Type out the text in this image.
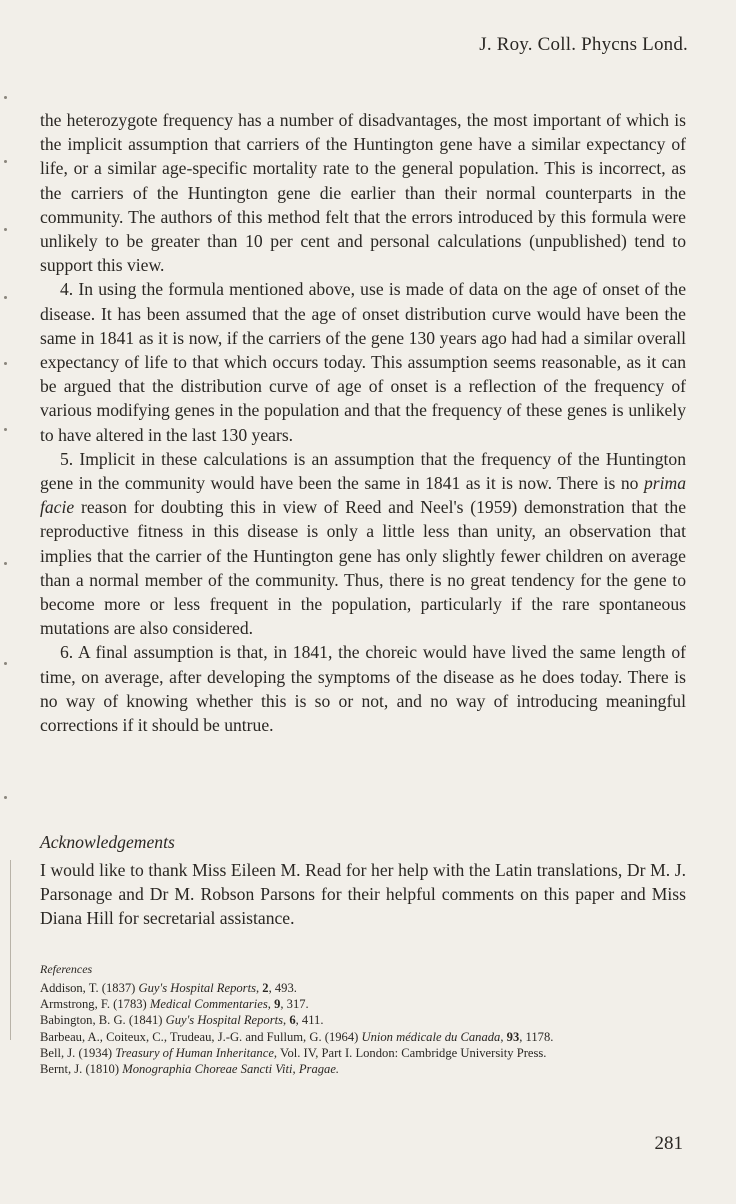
J. Roy. Coll. Phycns Lond.

the heterozygote frequency has a number of disadvantages, the most important of which is the implicit assumption that carriers of the Huntington gene have a similar expectancy of life, or a similar age-specific mortality rate to the general population. This is incorrect, as the carriers of the Huntington gene die earlier than their normal counterparts in the community. The authors of this method felt that the errors introduced by this formula were unlikely to be greater than 10 per cent and personal calculations (unpublished) tend to support this view.

4. In using the formula mentioned above, use is made of data on the age of onset of the disease. It has been assumed that the age of onset distribution curve would have been the same in 1841 as it is now, if the carriers of the gene 130 years ago had had a similar overall expectancy of life to that which occurs today. This assumption seems reasonable, as it can be argued that the distribution curve of age of onset is a reflection of the frequency of various modifying genes in the population and that the frequency of these genes is unlikely to have altered in the last 130 years.

5. Implicit in these calculations is an assumption that the frequency of the Huntington gene in the community would have been the same in 1841 as it is now. There is no prima facie reason for doubting this in view of Reed and Neel's (1959) demonstration that the reproductive fitness in this disease is only a little less than unity, an observation that implies that the carrier of the Huntington gene has only slightly fewer children on average than a normal member of the community. Thus, there is no great tendency for the gene to become more or less frequent in the population, particularly if the rare spontaneous mutations are also considered.

6. A final assumption is that, in 1841, the choreic would have lived the same length of time, on average, after developing the symptoms of the disease as he does today. There is no way of knowing whether this is so or not, and no way of introducing meaningful corrections if it should be untrue.

Acknowledgements

I would like to thank Miss Eileen M. Read for her help with the Latin translations, Dr M. J. Parsonage and Dr M. Robson Parsons for their helpful comments on this paper and Miss Diana Hill for secretarial assistance.

References
Addison, T. (1837) Guy's Hospital Reports, 2, 493.
Armstrong, F. (1783) Medical Commentaries, 9, 317.
Babington, B. G. (1841) Guy's Hospital Reports, 6, 411.
Barbeau, A., Coiteux, C., Trudeau, J.-G. and Fullum, G. (1964) Union médicale du Canada, 93, 1178.
Bell, J. (1934) Treasury of Human Inheritance, Vol. IV, Part I. London: Cambridge University Press.
Bernt, J. (1810) Monographia Choreae Sancti Viti, Pragae.
281
